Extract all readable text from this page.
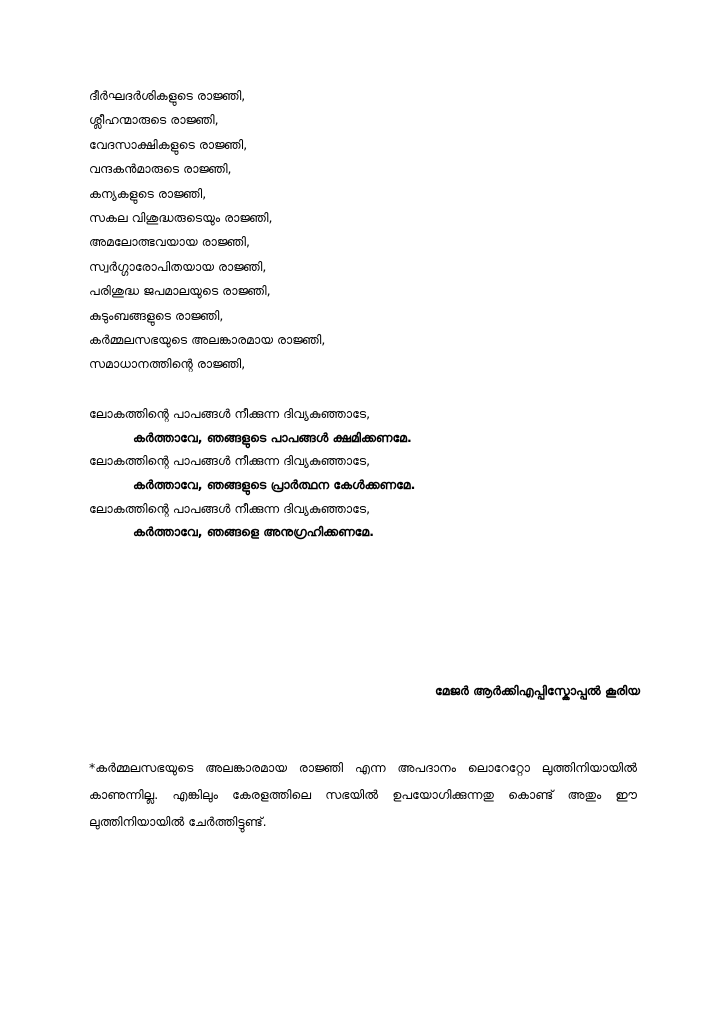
ദീർഘദർശികളുടെ രാജ്ഞി,
ശ്ലീഹന്മാരുടെ രാജ്ഞി,
വേദസാക്ഷികളുടെ രാജ്ഞി,
വന്ദകൻമാരുടെ രാജ്ഞി,
കന്യകളുടെ രാജ്ഞി,
സകല വിശുദ്ധരുടെയും രാജ്ഞി,
അമലോത്ഭവയായ രാജ്ഞി,
സ്വർഗ്ഗാരോപിതയായ രാജ്ഞി,
പരിശുദ്ധ ജപമാലയുടെ രാജ്ഞി,
കുടുംബങ്ങളുടെ രാജ്ഞി,
കർമ്മലസഭയുടെ അലങ്കാരമായ രാജ്ഞി,
സമാധാനത്തിന്റെ രാജ്ഞി,
ലോകത്തിന്റെ പാപങ്ങൾ നീക്കുന്ന ദിവ്യകുഞ്ഞാടേ,
കർത്താവേ, ഞങ്ങളുടെ പാപങ്ങൾ ക്ഷമിക്കണമേ.
ലോകത്തിന്റെ പാപങ്ങൾ നീക്കുന്ന ദിവ്യകുഞ്ഞാടേ,
കർത്താവേ, ഞങ്ങളുടെ പ്രാർത്ഥന കേൾക്കണമേ.
ലോകത്തിന്റെ പാപങ്ങൾ നീക്കുന്ന ദിവ്യകുഞ്ഞാടേ,
കർത്താവേ, ഞങ്ങളെ അനുഗ്രഹിക്കണമേ.
മേജർ ആർക്കിഎപ്പിസ്കോപ്പൽ കൂരിയ

*കർമ്മലസഭയുടെ അലങ്കാരമായ രാജ്ഞി എന്ന അപദാനം ലൊറേറ്റോ ലുത്തിനിയായിൽ കാണുന്നില്ല. എങ്കിലും കേരളത്തിലെ സഭയിൽ ഉപയോഗിക്കുന്നതു കൊണ്ട് അതും ഈ ലുത്തിനിയായിൽ ചേർത്തിട്ടുണ്ട്.
